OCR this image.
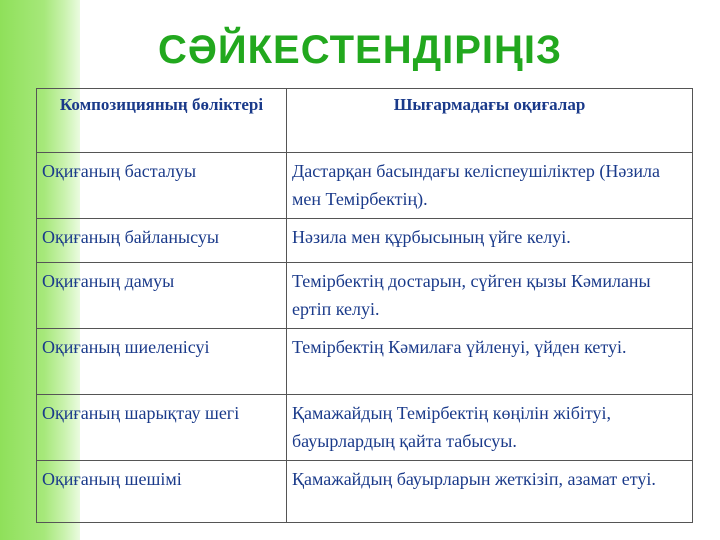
СӘЙКЕСТЕНДІРІҢІЗ
Композицияның бөліктері	Шығармадағы оқиғалар
Оқиғаның басталуы	Дастарқан басындағы келіспеушіліктер (Нәзила мен Темірбектің).
Оқиғаның байланысуы	Нәзила мен құрбысының үйге келуі.
Оқиғаның дамуы	Темірбектің достарын, сүйген қызы Кәмиланы ертіп келуі.
Оқиғаның шиеленісуі	Темірбектің Кәмилаға үйленуі, үйден кетуі.
Оқиғаның шарықтау шегі	Қамажайдың Темірбектің көңілін жібітуі, бауырлардың қайта табысуы.
Оқиғаның шешімі	Қамажайдың бауырларын жеткізіп, азамат етуі.
